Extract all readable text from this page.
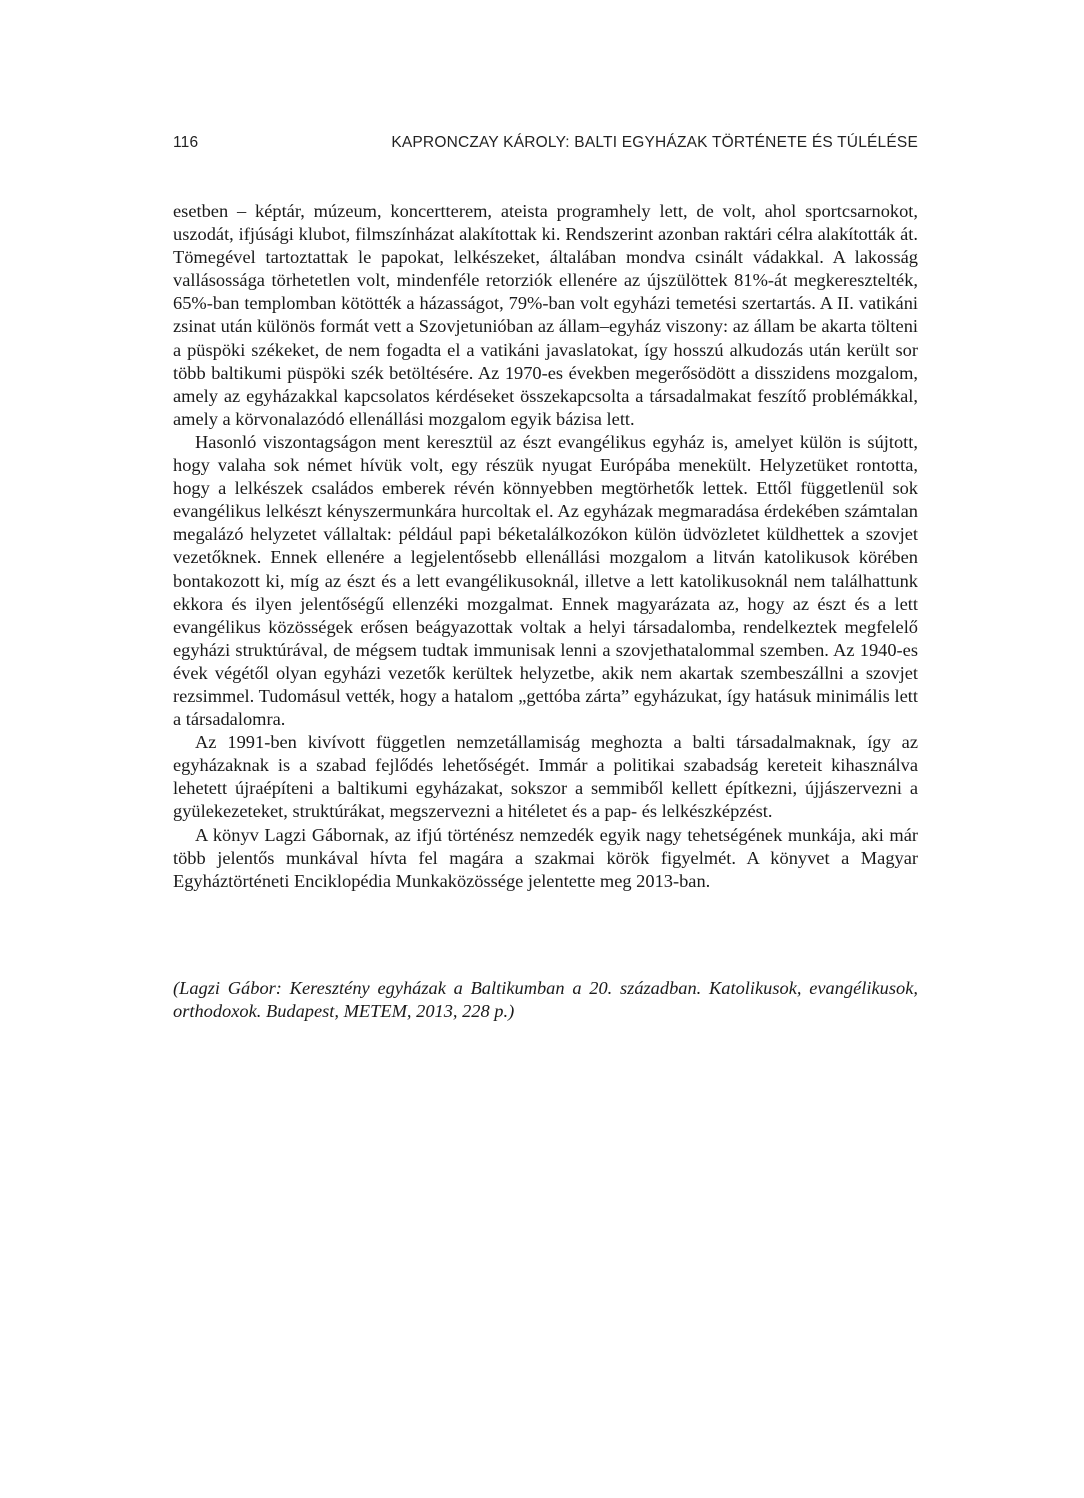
116	KAPRONCZAY KÁROLY: BALTI EGYHÁZAK TÖRTÉNETE ÉS TÚLÉLÉSE

esetben – képtár, múzeum, koncertterem, ateista programhely lett, de volt, ahol sportcsarnokot, uszodát, ifjúsági klubot, filmszínházat alakítottak ki. Rendszerint azonban raktári célra alakították át. Tömegével tartoztattak le papokat, lelkészeket, általában mondva csinált vádakkal. A lakosság vallásossága törhetetlen volt, mindenféle retorziók ellenére az újszülöttek 81%-át megkeresztelték, 65%-ban templomban kötötték a házasságot, 79%-ban volt egyházi temetési szertartás. A II. vatikáni zsinat után különös formát vett a Szovjetunióban az állam–egyház viszony: az állam be akarta tölteni a püspöki székeket, de nem fogadta el a vatikáni javaslatokat, így hosszú alkudozás után került sor több baltikumi püspöki szék betöltésére. Az 1970-es években megerősödött a disszidens mozgalom, amely az egyházakkal kapcsolatos kérdéseket összekapcsolta a társadalmakat feszítő problémákkal, amely a körvonalazódó ellenállási mozgalom egyik bázisa lett.

Hasonló viszontagságon ment keresztül az észt evangélikus egyház is, amelyet külön is sújtott, hogy valaha sok német hívük volt, egy részük nyugat Európába menekült. Helyzetüket rontotta, hogy a lelkészek családos emberek révén könnyebben megtörhetők lettek. Ettől függetlenül sok evangélikus lelkészt kényszermunkára hurcoltak el. Az egyházak megmaradása érdekében számtalan megalázó helyzetet vállaltak: például papi béketalálkozókon külön üdvözletet küldhettek a szovjet vezetőknek. Ennek ellenére a legjelentősebb ellenállási mozgalom a litván katolikusok körében bontakozott ki, míg az észt és a lett evangélikusoknál, illetve a lett katolikusoknál nem találhattunk ekkora és ilyen jelentőségű ellenzéki mozgalmat. Ennek magyarázata az, hogy az észt és a lett evangélikus közösségek erősen beágyazottak voltak a helyi társadalomba, rendelkeztek megfelelő egyházi struktúrával, de mégsem tudtak immunisak lenni a szovjethatalommal szemben. Az 1940-es évek végétől olyan egyházi vezetők kerültek helyzetbe, akik nem akartak szembeszállni a szovjet rezsimmel. Tudomásul vették, hogy a hatalom „gettóba zárta” egyházukat, így hatásuk minimális lett a társadalomra.

Az 1991-ben kivívott független nemzetállamiság meghozta a balti társadalmaknak, így az egyházaknak is a szabad fejlődés lehetőségét. Immár a politikai szabadság kereteit kihasználva lehetett újraépíteni a baltikumi egyházakat, sokszor a semmiből kellett építkezni, újjászervezni a gyülekezeteket, struktúrákat, megszervezni a hitéletet és a pap- és lelkészképzést.

A könyv Lagzi Gábornak, az ifjú történész nemzedék egyik nagy tehetségének munkája, aki már több jelentős munkával hívta fel magára a szakmai körök figyelmét. A könyvet a Magyar Egyháztörténeti Enciklopédia Munkaközössége jelentette meg 2013-ban.

(Lagzi Gábor: Keresztény egyházak a Baltikumban a 20. században. Katolikusok, evangélikusok, orthodoxok. Budapest, METEM, 2013, 228 p.)
